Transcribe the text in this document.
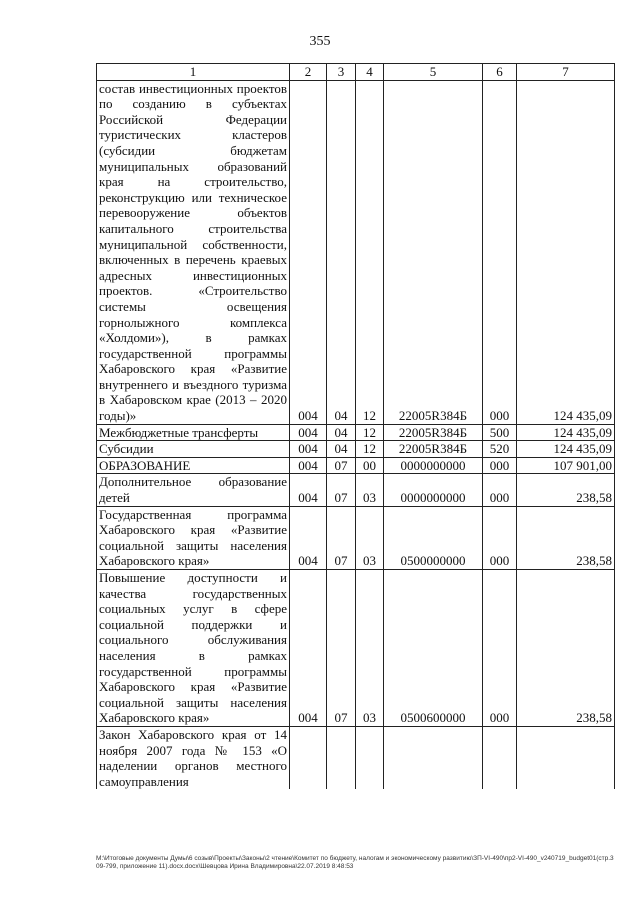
355
1	2	3	4	5	6	7
состав инвестиционных проектов по созданию в субъектах Российской Федерации туристических кластеров (субсидии бюджетам муниципальных образований края на строительство, реконструкцию или техническое перевооружение объектов капитального строительства муниципальной собственности, включенных в перечень краевых адресных инвестиционных проектов. «Строительство системы освещения горнолыжного комплекса «Холдоми»), в рамках государственной программы Хабаровского края «Развитие внутреннего и въездного туризма в Хабаровском крае (2013 – 2020 годы)»	004	04	12	22005R384Б	000	124 435,09
Межбюджетные трансферты	004	04	12	22005R384Б	500	124 435,09
Субсидии	004	04	12	22005R384Б	520	124 435,09
ОБРАЗОВАНИЕ	004	07	00	0000000000	000	107 901,00
Дополнительное образование детей	004	07	03	0000000000	000	238,58
Государственная программа Хабаровского края «Развитие социальной защиты населения Хабаровского края»	004	07	03	0500000000	000	238,58
Повышение доступности и качества государственных социальных услуг в сфере социальной поддержки и социального обслуживания населения в рамках государственной программы Хабаровского края «Развитие социальной защиты населения Хабаровского края»	004	07	03	0500600000	000	238,58
Закон Хабаровского края от 14 ноября 2007 года № 153 «О наделении органов местного самоуправления						
М:\Итоговые документы Думы\6 созыв\Проекты\Законы\2 чтение\Комитет по бюджету, налогам и экономическому развитию\ЗП-VI-490\пр2-VI-490_v240719_budget01(стр.309-799, приложение 11).docx.docx\Шевцова Ирина Владимировна\22.07.2019 8:48:53
